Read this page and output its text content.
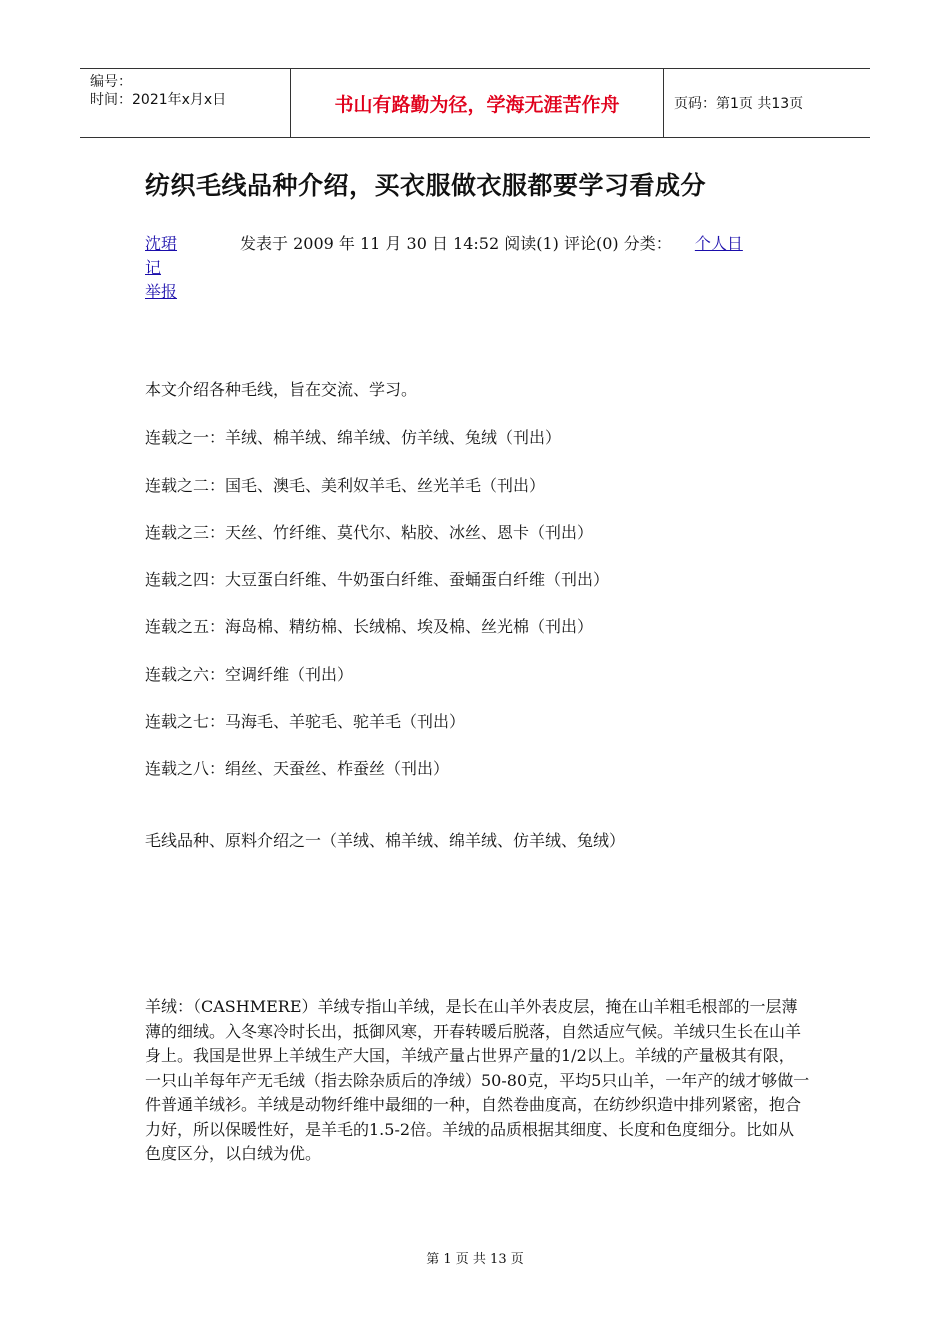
编号：
时间：2021年x月x日	书山有路勤为径，学海无涯苦作舟	页码：第1页 共13页
纺织毛线品种介绍，买衣服做衣服都要学习看成分
沈珺记
举报
发表于 2009 年 11 月 30 日 14:52 阅读(1) 评论(0) 分类： 个人日
本文介绍各种毛线，旨在交流、学习。
连载之一：羊绒、棉羊绒、绵羊绒、仿羊绒、兔绒（刊出）
连载之二：国毛、澳毛、美利奴羊毛、丝光羊毛（刊出）
连载之三：天丝、竹纤维、莫代尔、粘胶、冰丝、恩卡（刊出）
连载之四：大豆蛋白纤维、牛奶蛋白纤维、蚕蛹蛋白纤维（刊出）
连载之五：海岛棉、精纺棉、长绒棉、埃及棉、丝光棉（刊出）
连载之六：空调纤维（刊出）
连载之七：马海毛、羊驼毛、驼羊毛（刊出）
连载之八：绢丝、天蚕丝、柞蚕丝（刊出）
毛线品种、原料介绍之一（羊绒、棉羊绒、绵羊绒、仿羊绒、兔绒）
羊绒：（CASHMERE）羊绒专指山羊绒，是长在山羊外表皮层，掩在山羊粗毛根部的一层薄薄的细绒。入冬寒冷时长出，抵御风寒，开春转暖后脱落，自然适应气候。羊绒只生长在山羊身上。我国是世界上羊绒生产大国，羊绒产量占世界产量的1/2以上。羊绒的产量极其有限，一只山羊每年产无毛绒（指去除杂质后的净绒）50-80克，平均5只山羊，一年产的绒才够做一件普通羊绒衫。羊绒是动物纤维中最细的一种，自然卷曲度高，在纺纱织造中排列紧密，抱合力好，所以保暖性好，是羊毛的1.5-2倍。羊绒的品质根据其细度、长度和色度细分。比如从色度区分，以白绒为优。
第 1 页 共 13 页
